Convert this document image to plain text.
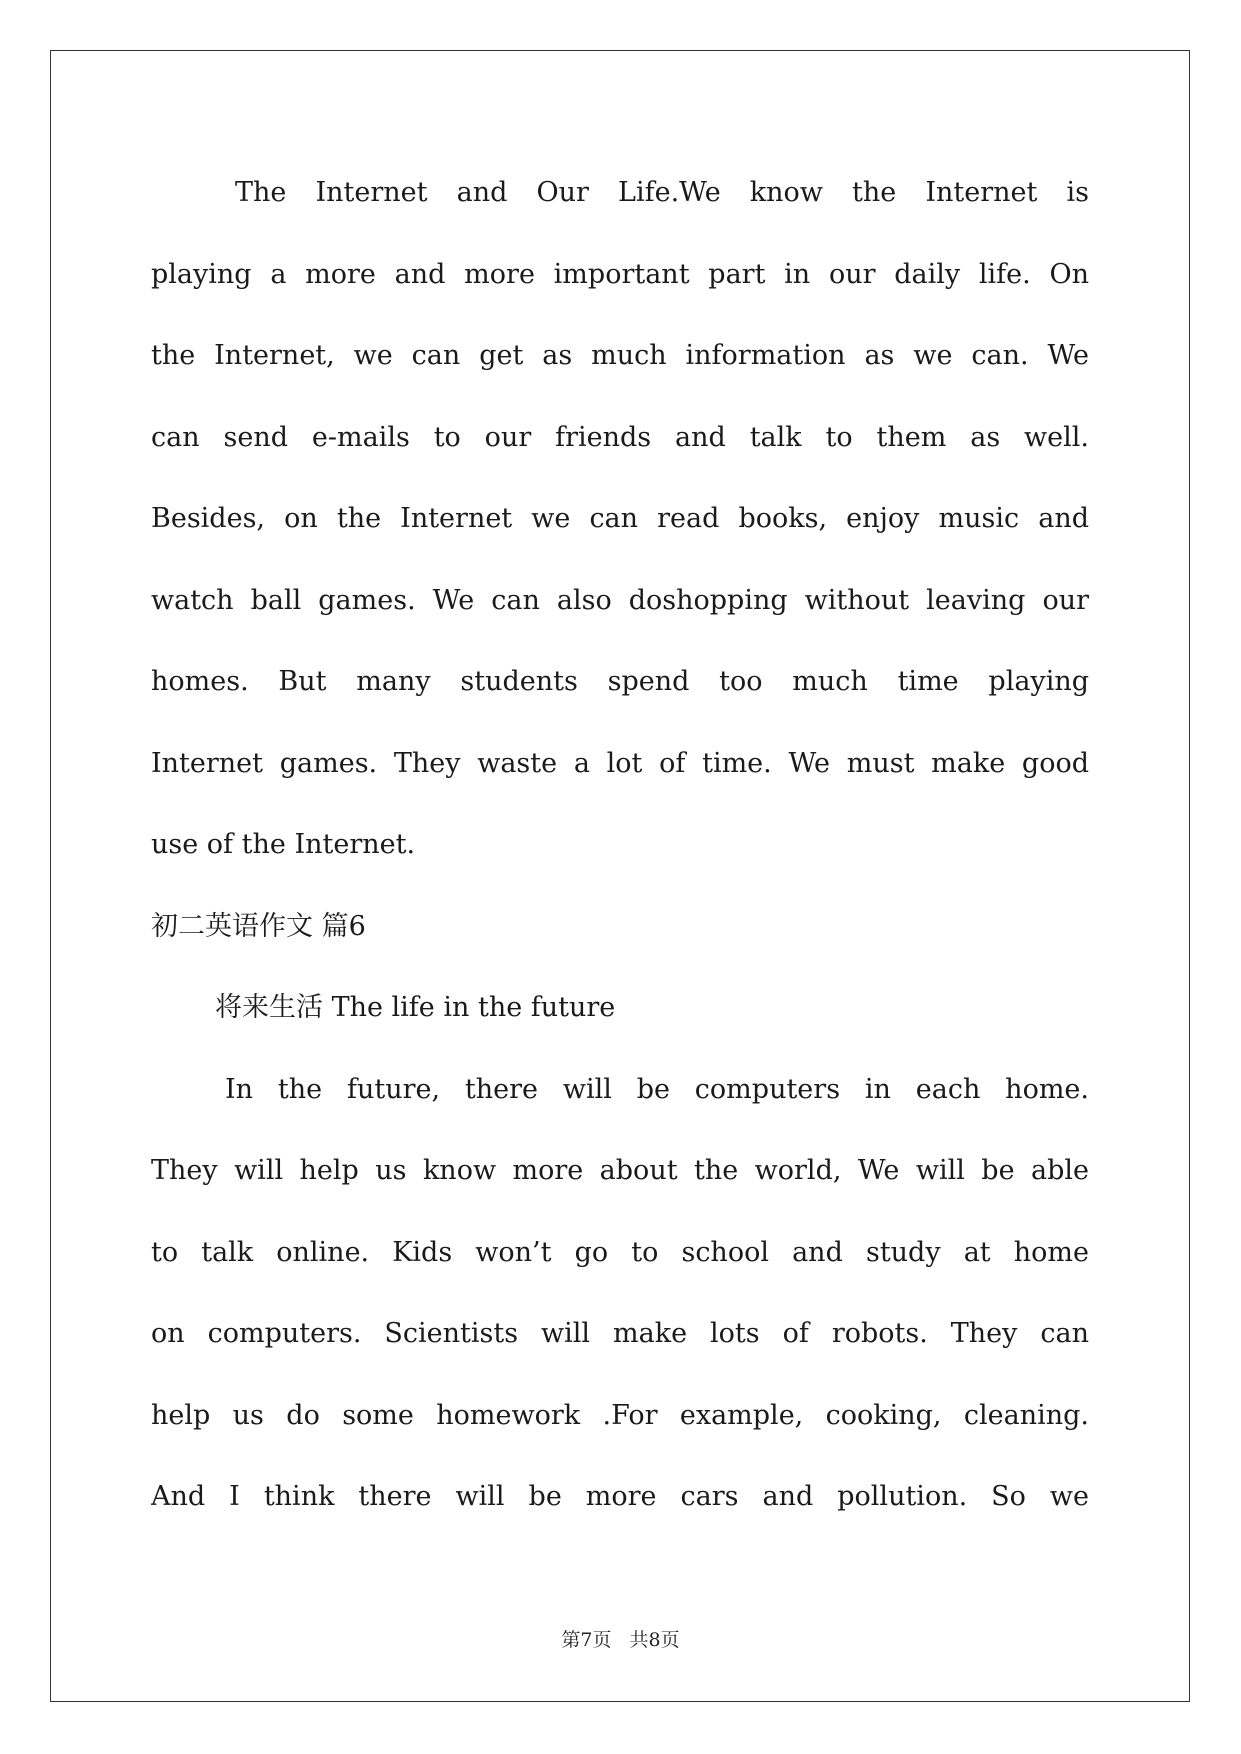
The Internet and Our Life.We know the Internet is
playing a more and more important part in our daily life. On
the Internet, we can get as much information as we can. We
can send e-mails to our friends and talk to them as well.
Besides, on the Internet we can read books, enjoy music and
watch ball games. We can also doshopping without leaving our
homes. But many students spend too much time playing
Internet games. They waste a lot of time. We must make good
use of the Internet.
初二英语作文 篇6
将来生活 The life in the future
In the future, there will be computers in each home.
They will help us know more about the world, We will be able
to talk online. Kids won’t go to school and study at home
on computers. Scientists will make lots of robots. They can
help us do some homework .For example, cooking, cleaning.
And I think there will be more cars and pollution. So we
第7页 共8页
